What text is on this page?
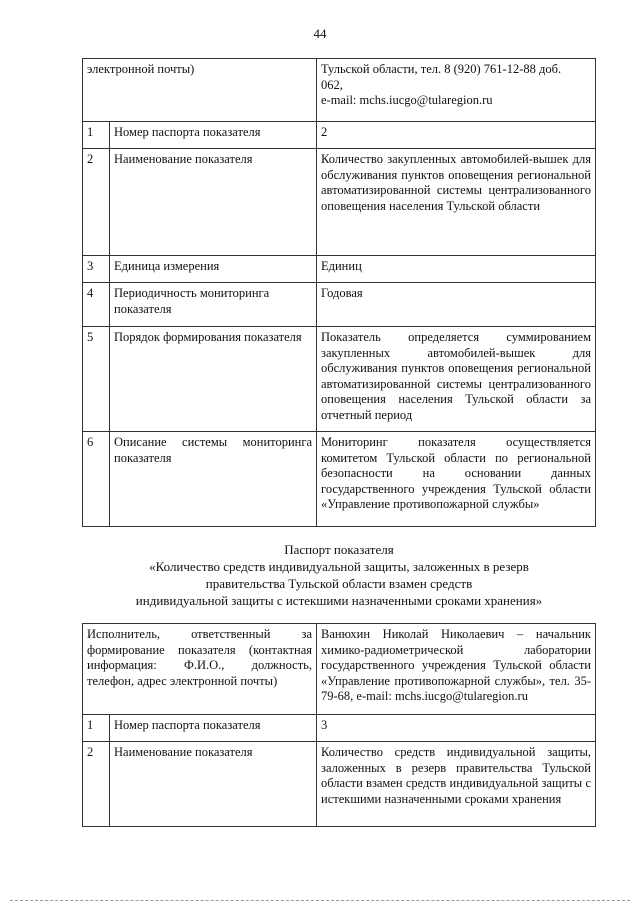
44
электронной почты)		Тульской области, тел. 8 (920) 761-12-88 доб.
062,
e-mail: mchs.iucgo@tularegion.ru

1	Номер паспорта показателя	2
2	Наименование показателя	Количество закупленных автомобилей-вышек для обслуживания пунктов оповещения региональной автоматизированной системы централизованного оповещения населения Тульской области
3	Единица измерения	Единиц
4	Периодичность мониторинга показателя	Годовая
5	Порядок формирования показателя	Показатель определяется суммированием закупленных автомобилей-вышек для обслуживания пунктов оповещения региональной автоматизированной системы централизованного оповещения населения Тульской области за отчетный период
6	Описание системы мониторинга показателя	Мониторинг показателя осуществляется комитетом Тульской области по региональной безопасности на основании данных государственного учреждения Тульской области «Управление противопожарной службы»
Паспорт показателя
«Количество средств индивидуальной защиты, заложенных в резерв
правительства Тульской области взамен средств
индивидуальной защиты с истекшими назначенными сроками хранения»
Исполнитель, ответственный за формирование показателя (контактная информация: Ф.И.О., должность, телефон, адрес электронной почты)		Ванюхин Николай Николаевич – начальник химико-радиометрической лаборатории государственного учреждения Тульской области «Управление противопожарной службы», тел. 35-79-68, e-mail: mchs.iucgo@tularegion.ru
1	Номер паспорта показателя	3
2	Наименование показателя	Количество средств индивидуальной защиты, заложенных в резерв правительства Тульской области взамен средств индивидуальной защиты с истекшими назначенными сроками хранения
